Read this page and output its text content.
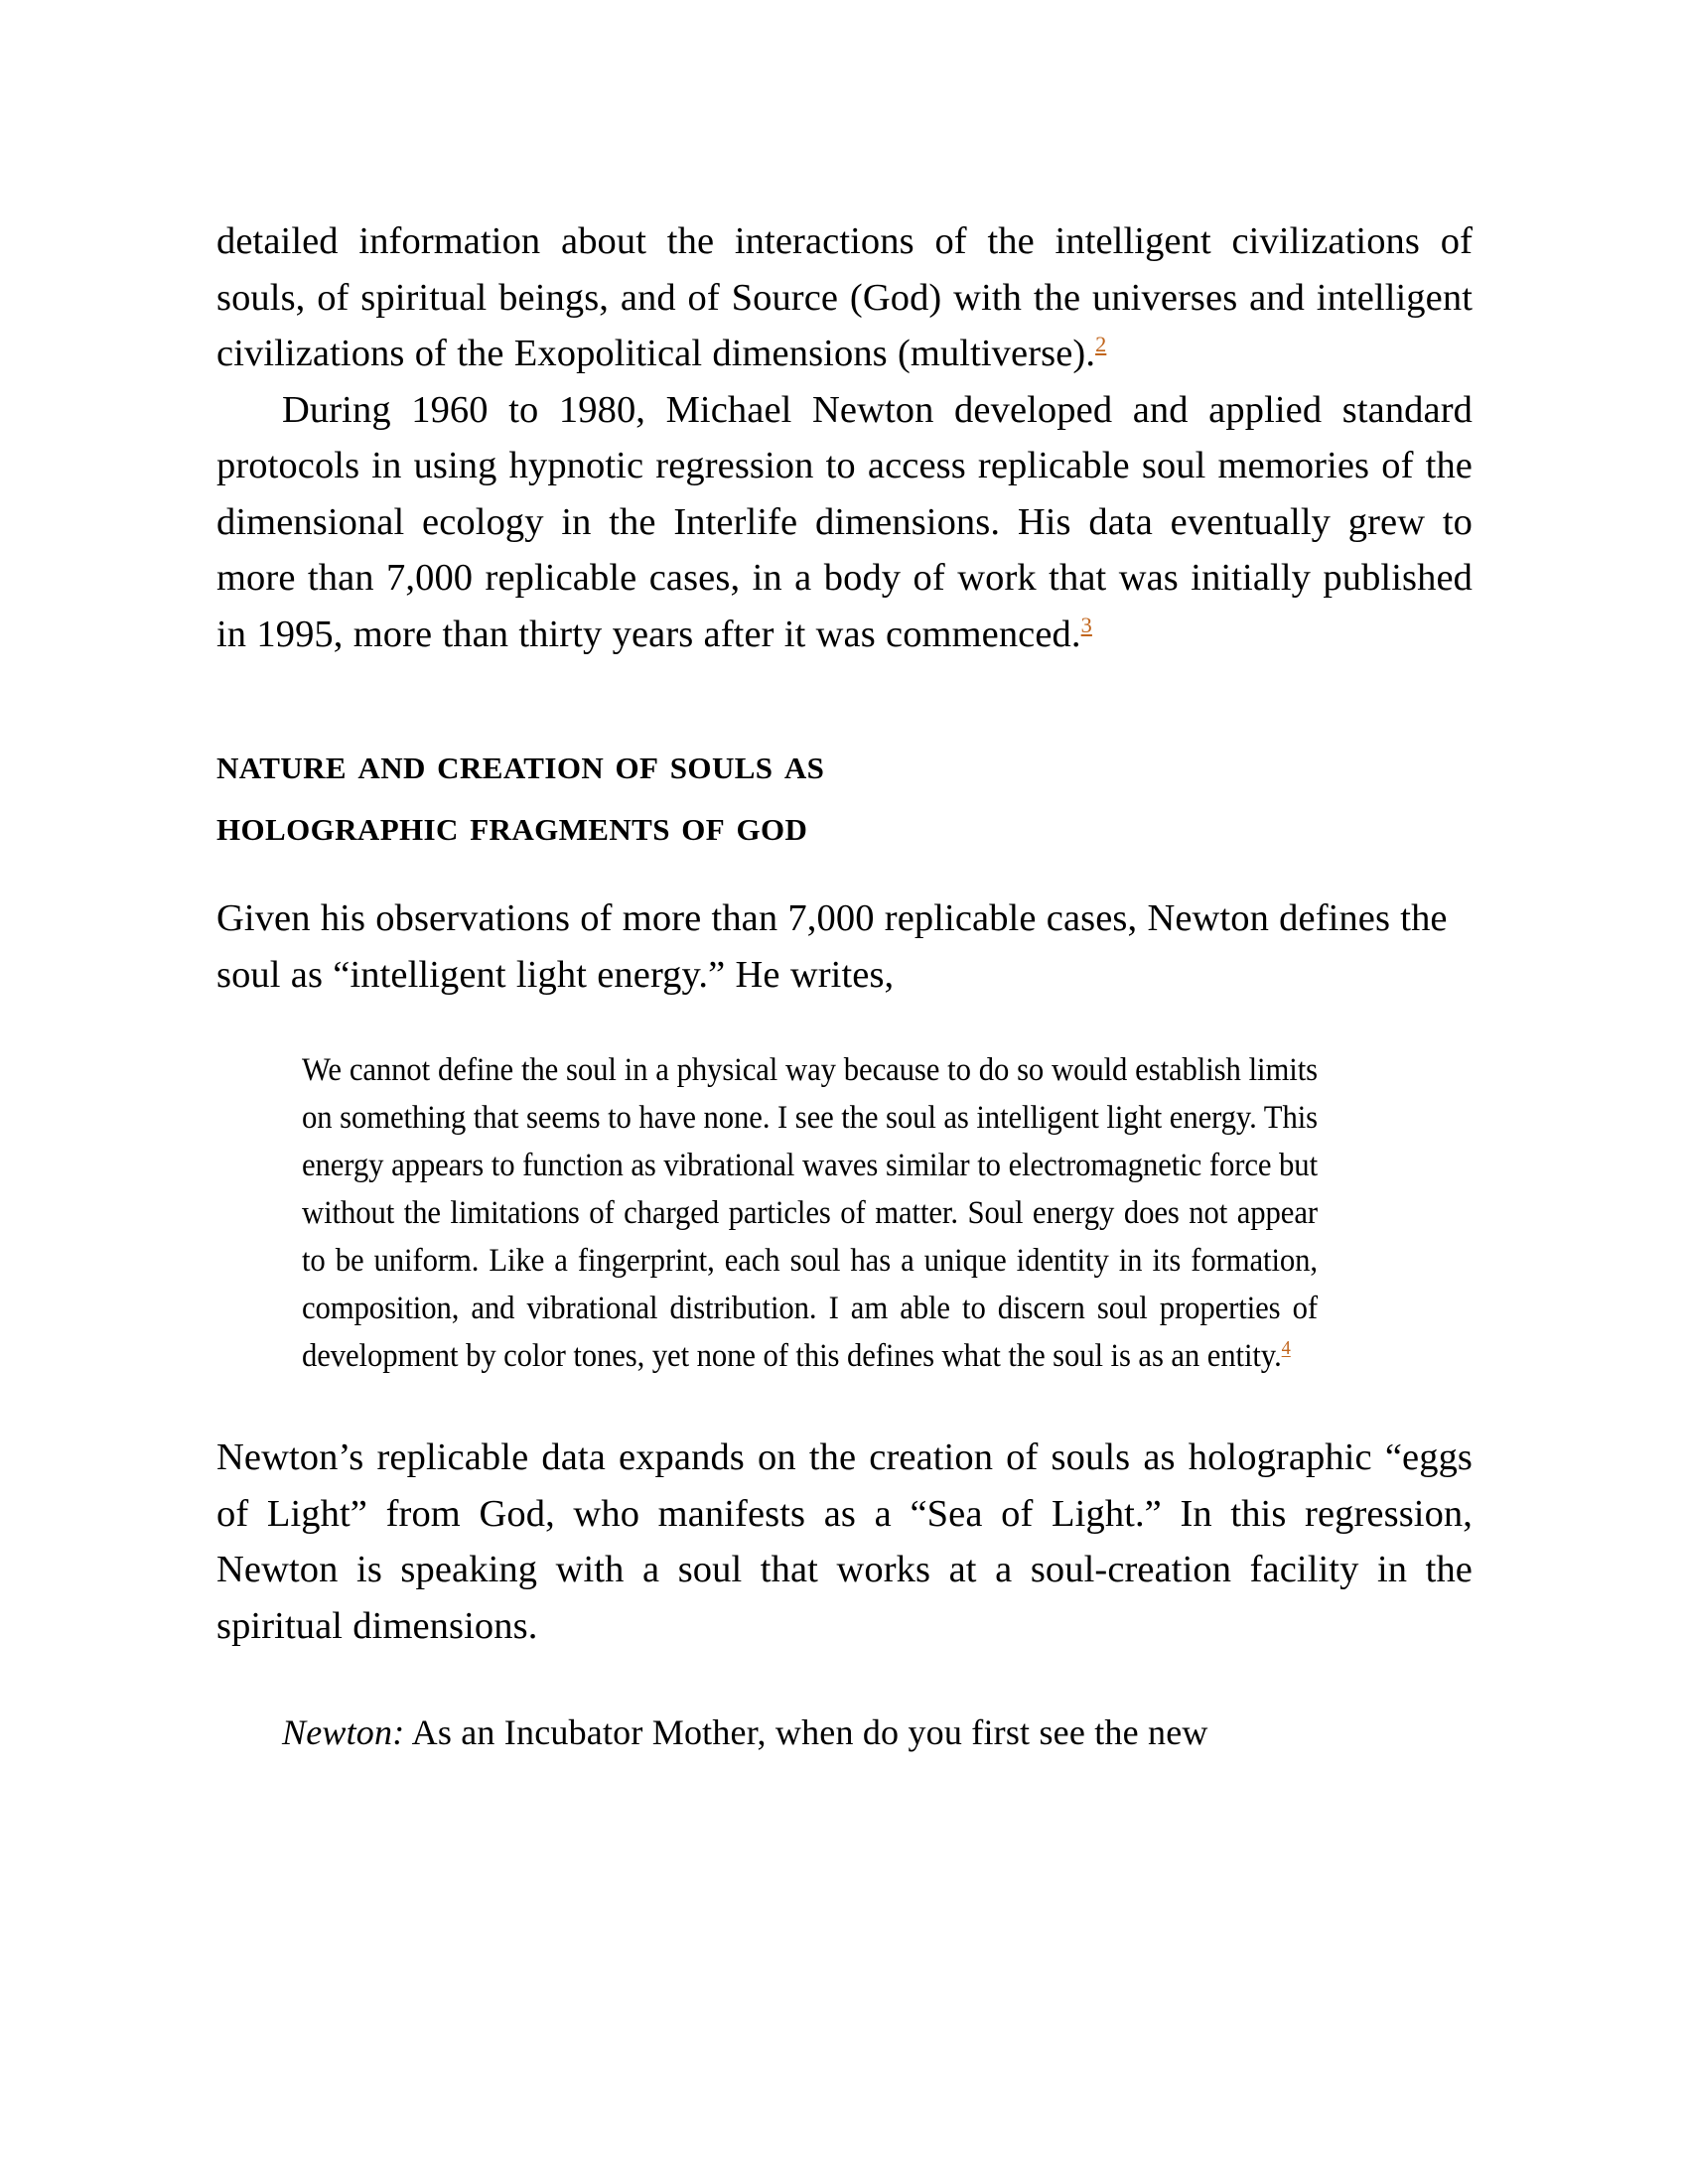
detailed information about the interactions of the intelligent civilizations of souls, of spiritual beings, and of Source (God) with the universes and intelligent civilizations of the Exopolitical dimensions (multiverse).$^2$

During 1960 to 1980, Michael Newton developed and applied standard protocols in using hypnotic regression to access replicable soul memories of the dimensional ecology in the Interlife dimensions. His data eventually grew to more than 7,000 replicable cases, in a body of work that was initially published in 1995, more than thirty years after it was commenced.$^3$

nature and creation of souls as
holographic fragments of god

Given his observations of more than 7,000 replicable cases, Newton defines the soul as “intelligent light energy.” He writes,

We cannot define the soul in a physical way because to do so would establish limits on something that seems to have none. I see the soul as intelligent light energy. This energy appears to function as vibrational waves similar to electromagnetic force but without the limitations of charged particles of matter. Soul energy does not appear to be uniform. Like a fingerprint, each soul has a unique identity in its formation, composition, and vibrational distribution. I am able to discern soul properties of development by color tones, yet none of this defines what the soul is as an entity.$^4$

Newton’s replicable data expands on the creation of souls as holographic “eggs of Light” from God, who manifests as a “Sea of Light.” In this regression, Newton is speaking with a soul that works at a soul-creation facility in the spiritual dimensions.

Newton: As an Incubator Mother, when do you first see the new
